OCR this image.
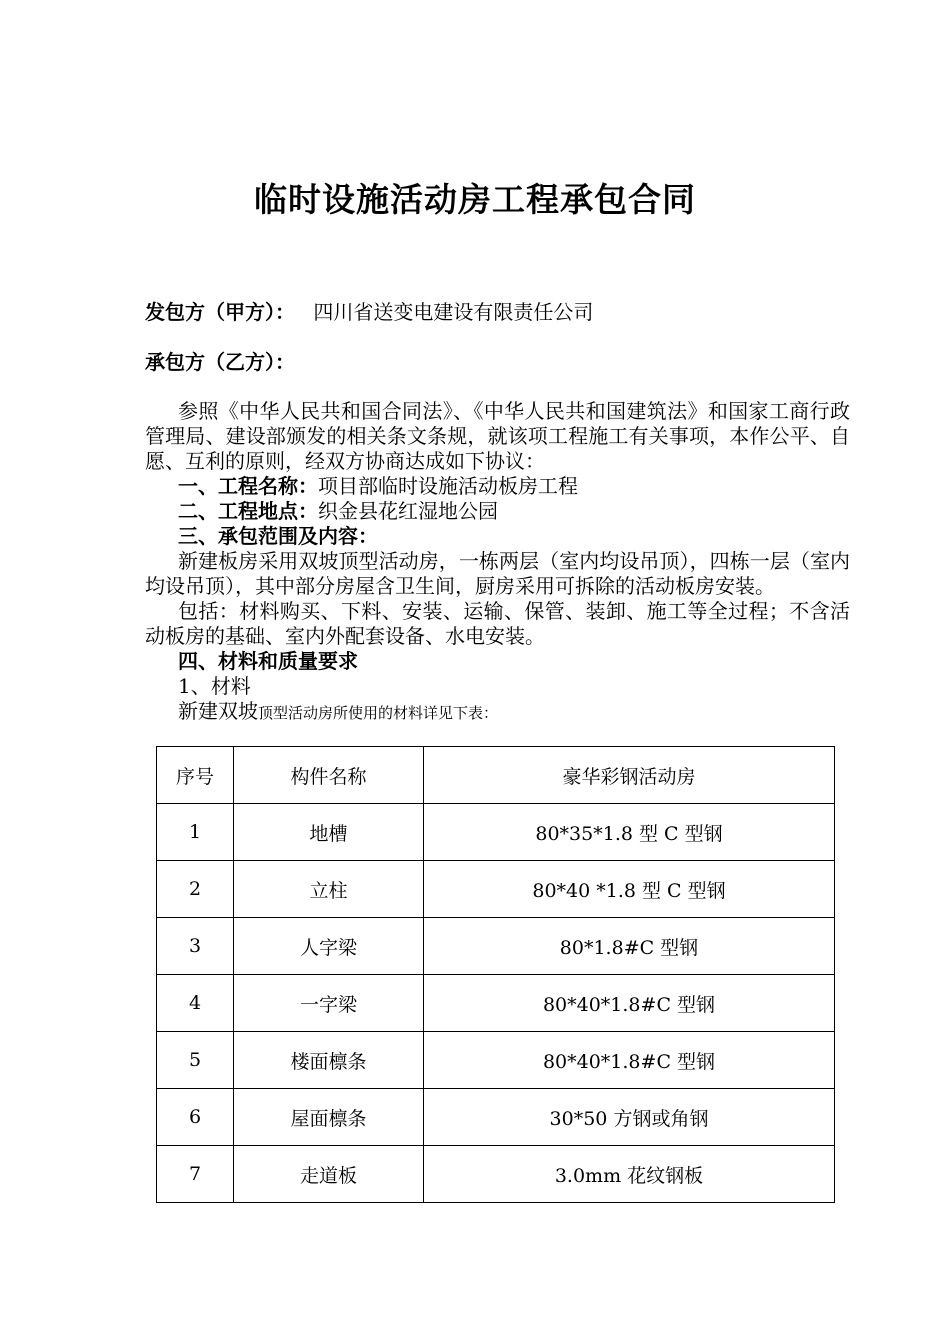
临时设施活动房工程承包合同
发包方（甲方）： 四川省送变电建设有限责任公司
承包方（乙方）：

参照《中华人民共和国合同法》、《中华人民共和国建筑法》和国家工商行政管理局、建设部颁发的相关条文条规，就该项工程施工有关事项，本作公平、自愿、互利的原则，经双方协商达成如下协议：

一、工程名称：项目部临时设施活动板房工程

二、工程地点：织金县花红湿地公园

三、承包范围及内容：

新建板房采用双坡顶型活动房，一栋两层（室内均设吊顶），四栋一层（室内均设吊顶），其中部分房屋含卫生间，厨房采用可拆除的活动板房安装。

包括：材料购买、下料、安装、运输、保管、装卸、施工等全过程；不含活动板房的基础、室内外配套设备、水电安装。

四、材料和质量要求

1、材料

新建双坡顶型活动房所使用的材料详见下表：

序号	构件名称	豪华彩钢活动房
1	地槽	80*35*1.8 型 C 型钢
2	立柱	80*40 *1.8 型 C 型钢
3	人字梁	80*1.8#C 型钢
4	一字梁	80*40*1.8#C 型钢
5	楼面檩条	80*40*1.8#C 型钢
6	屋面檩条	30*50 方钢或角钢
7	走道板	3.0mm 花纹钢板
